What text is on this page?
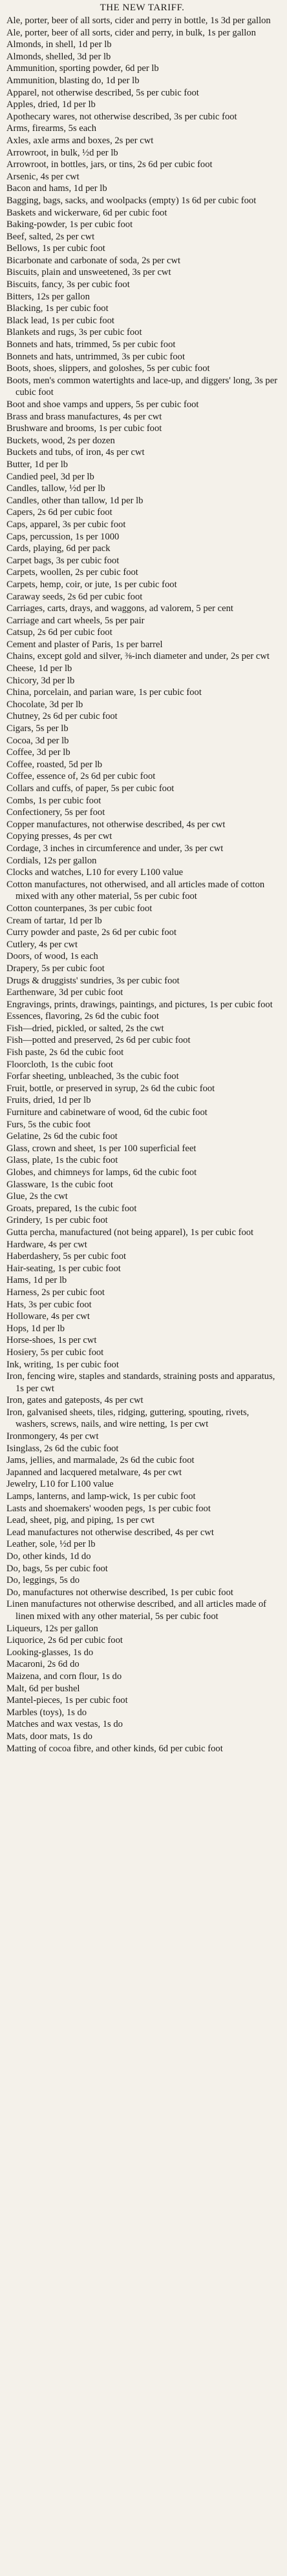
THE NEW TARIFF.
Ale, porter, beer of all sorts, cider and perry in bottle, 1s 3d per gallon
Ale, porter, beer of all sorts, cider and perry, in bulk, 1s per gallon
Almonds, in shell, 1d per lb
Almonds, shelled, 3d per lb
Ammunition, sporting powder, 6d per lb
Ammunition, blasting do, 1d per lb
Apparel, not otherwise described, 5s per cubic foot
Apples, dried, 1d per lb
Apothecary wares, not otherwise described, 3s per cubic foot
Arms, firearms, 5s each
Axles, axle arms and boxes, 2s per cwt
Arrowroot, in bulk, ½d per lb
Arrowroot, in bottles, jars, or tins, 2s 6d per cubic foot
Arsenic, 4s per cwt
Bacon and hams, 1d per lb
Bagging, bags, sacks, and woolpacks (empty) 1s 6d per cubic foot
Baskets and wickerware, 6d per cubic foot
Baking-powder, 1s per cubic foot
Beef, salted, 2s per cwt
Bellows, 1s per cubic foot
Bicarbonate and carbonate of soda, 2s per cwt
Biscuits, plain and unsweetened, 3s per cwt
Biscuits, fancy, 3s per cubic foot
Bitters, 12s per gallon
Blacking, 1s per cubic foot
Black lead, 1s per cubic foot
Blankets and rugs, 3s per cubic foot
Bonnets and hats, trimmed, 5s per cubic foot
Bonnets and hats, untrimmed, 3s per cubic foot
Boots, shoes, slippers, and goloshes, 5s per cubic foot
Boots, men's common watertights and lace-up, and diggers' long, 3s per cubic foot
Boot and shoe vamps and uppers, 5s per cubic foot
Brass and brass manufactures, 4s per cwt
Brushware and brooms, 1s per cubic foot
Buckets, wood, 2s per dozen
Buckets and tubs, of iron, 4s per cwt
Butter, 1d per lb
Candied peel, 3d per lb
Candles, tallow, ½d per lb
Candles, other than tallow, 1d per lb
Capers, 2s 6d per cubic foot
Caps, apparel, 3s per cubic foot
Caps, percussion, 1s per 1000
Cards, playing, 6d per pack
Carpet bags, 3s per cubic foot
Carpets, woollen, 2s per cubic foot
Carpets, hemp, coir, or jute, 1s per cubic foot
Caraway seeds, 2s 6d per cubic foot
Carriages, carts, drays, and waggons, ad valorem, 5 per cent
Carriage and cart wheels, 5s per pair
Catsup, 2s 6d per cubic foot
Cement and plaster of Paris, 1s per barrel
Chains, except gold and silver, ⅜-inch diameter and under, 2s per cwt
Cheese, 1d per lb
Chicory, 3d per lb
China, porcelain, and parian ware, 1s per cubic foot
Chocolate, 3d per lb
Chutney, 2s 6d per cubic foot
Cigars, 5s per lb
Cocoa, 3d per lb
Coffee, 3d per lb
Coffee, roasted, 5d per lb
Coffee, essence of, 2s 6d per cubic foot
Collars and cuffs, of paper, 5s per cubic foot
Combs, 1s per cubic foot
Confectionery, 5s per foot
Copper manufactures, not otherwise described, 4s per cwt
Copying presses, 4s per cwt
Cordage, 3 inches in circumference and under, 3s per cwt
Cordials, 12s per gallon
Clocks and watches, L10 for every L100 value
Cotton manufactures, not otherwised, and all articles made of cotton mixed with any other material, 5s per cubic foot
Cotton counterpanes, 3s per cubic foot
Cream of tartar, 1d per lb
Curry powder and paste, 2s 6d per cubic foot
Cutlery, 4s per cwt
Doors, of wood, 1s each
Drapery, 5s per cubic foot
Drugs & druggists' sundries, 3s per cubic foot
Earthenware, 3d per cubic foot
Engravings, prints, drawings, paintings, and pictures, 1s per cubic foot
Essences, flavoring, 2s 6d the cubic foot
Fish—dried, pickled, or salted, 2s the cwt
Fish—potted and preserved, 2s 6d per cubic foot
Fish paste, 2s 6d the cubic foot
Floorcloth, 1s the cubic foot
Forfar sheeting, unbleached, 3s the cubic foot
Fruit, bottle, or preserved in syrup, 2s 6d the cubic foot
Fruits, dried, 1d per lb
Furniture and cabinetware of wood, 6d the cubic foot
Furs, 5s the cubic foot
Gelatine, 2s 6d the cubic foot
Glass, crown and sheet, 1s per 100 superficial feet
Glass, plate, 1s the cubic foot
Globes, and chimneys for lamps, 6d the cubic foot
Glassware, 1s the cubic foot
Glue, 2s the cwt
Groats, prepared, 1s the cubic foot
Grindery, 1s per cubic foot
Gutta percha, manufactured (not being apparel), 1s per cubic foot
Hardware, 4s per cwt
Haberdashery, 5s per cubic foot
Hair-seating, 1s per cubic foot
Hams, 1d per lb
Harness, 2s per cubic foot
Hats, 3s per cubic foot
Holloware, 4s per cwt
Hops, 1d per lb
Horse-shoes, 1s per cwt
Hosiery, 5s per cubic foot
Ink, writing, 1s per cubic foot
Iron, fencing wire, staples and standards, straining posts and apparatus, 1s per cwt
Iron, gates and gateposts, 4s per cwt
Iron, galvanised sheets, tiles, ridging, guttering, spouting, rivets, washers, screws, nails, and wire netting, 1s per cwt
Ironmongery, 4s per cwt
Isinglass, 2s 6d the cubic foot
Jams, jellies, and marmalade, 2s 6d the cubic foot
Japanned and lacquered metalware, 4s per cwt
Jewelry, L10 for L100 value
Lamps, lanterns, and lamp-wick, 1s per cubic foot
Lasts and shoemakers' wooden pegs, 1s per cubic foot
Lead, sheet, pig, and piping, 1s per cwt
Lead manufactures not otherwise described, 4s per cwt
Leather, sole, ½d per lb
Do, other kinds, 1d do
Do, bags, 5s per cubic foot
Do, leggings, 5s do
Do, manufactures not otherwise described, 1s per cubic foot
Linen manufactures not otherwise described, and all articles made of linen mixed with any other material, 5s per cubic foot
Liqueurs, 12s per gallon
Liquorice, 2s 6d per cubic foot
Looking-glasses, 1s do
Macaroni, 2s 6d do
Maizena, and corn flour, 1s do
Malt, 6d per bushel
Mantel-pieces, 1s per cubic foot
Marbles (toys), 1s do
Matches and wax vestas, 1s do
Mats, door mats, 1s do
Matting of cocoa fibre, and other kinds, 6d per cubic foot
